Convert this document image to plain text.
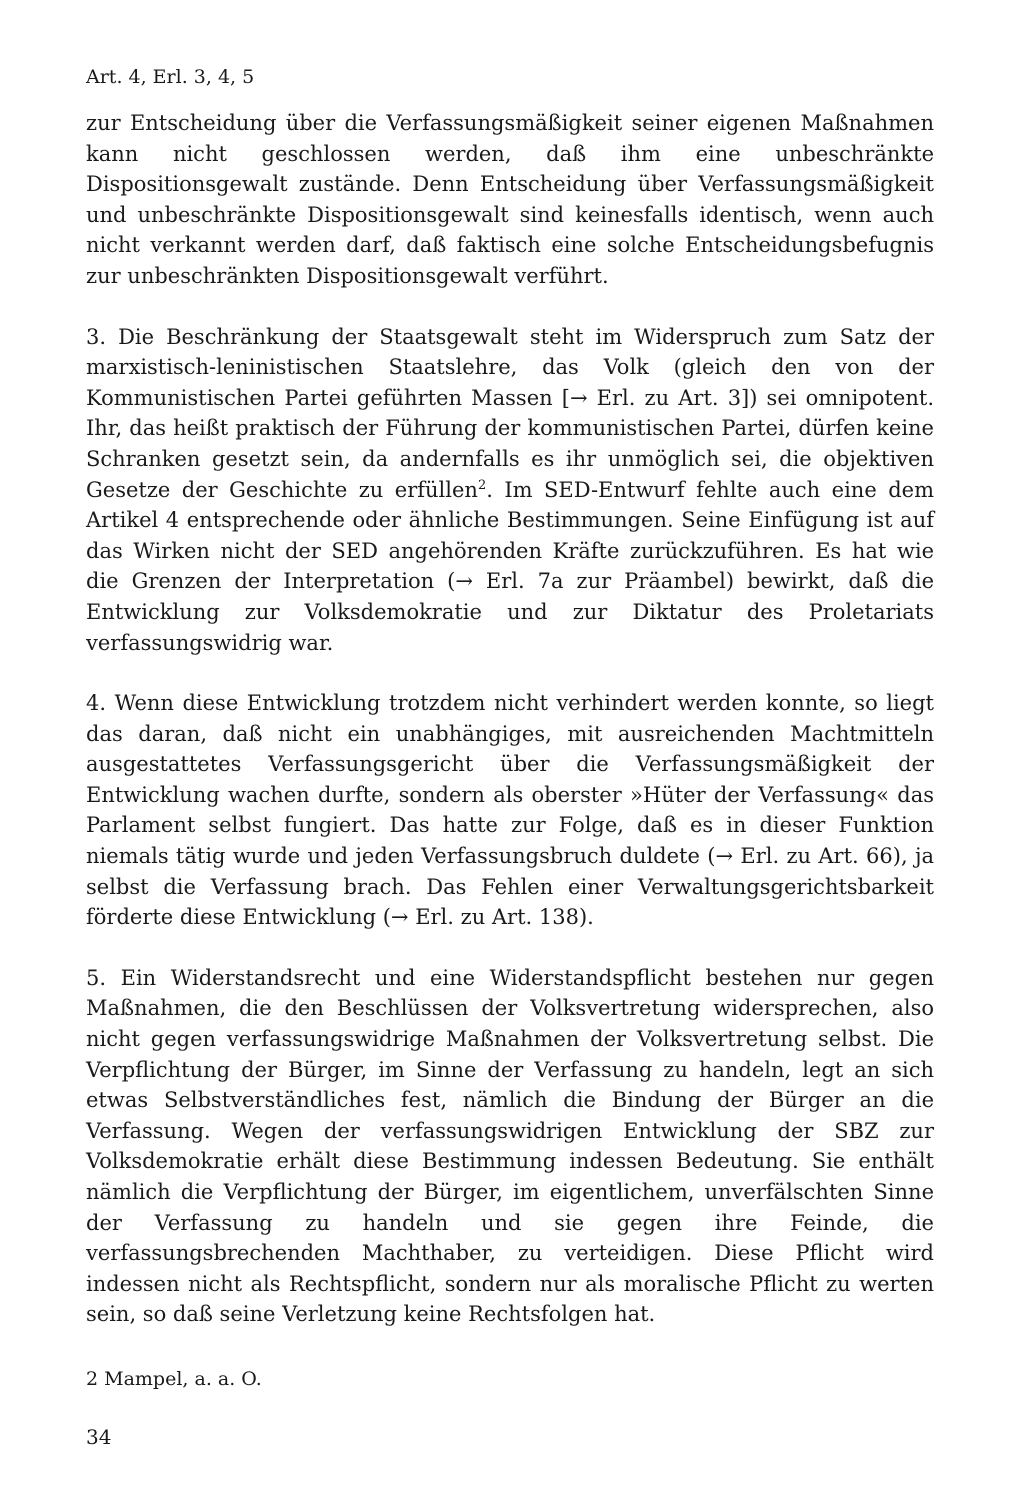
Art. 4, Erl. 3, 4, 5

zur Entscheidung über die Verfassungsmäßigkeit seiner eigenen Maßnahmen kann nicht geschlossen werden, daß ihm eine unbeschränkte Dispositionsgewalt zustände. Denn Entscheidung über Verfassungsmäßigkeit und unbeschränkte Dispositionsgewalt sind keinesfalls identisch, wenn auch nicht verkannt werden darf, daß faktisch eine solche Entscheidungsbefugnis zur unbeschränkten Dispositionsgewalt verführt.

3. Die Beschränkung der Staatsgewalt steht im Widerspruch zum Satz der marxistisch-leninistischen Staatslehre, das Volk (gleich den von der Kommunistischen Partei geführten Massen [→ Erl. zu Art. 3]) sei omnipotent. Ihr, das heißt praktisch der Führung der kommunistischen Partei, dürfen keine Schranken gesetzt sein, da andernfalls es ihr unmöglich sei, die objektiven Gesetze der Geschichte zu erfüllen$^2$. Im SED-Entwurf fehlte auch eine dem Artikel 4 entsprechende oder ähnliche Bestimmungen. Seine Einfügung ist auf das Wirken nicht der SED angehörenden Kräfte zurückzuführen. Es hat wie die Grenzen der Interpretation (→ Erl. 7a zur Präambel) bewirkt, daß die Entwicklung zur Volksdemokratie und zur Diktatur des Proletariats verfassungswidrig war.

4. Wenn diese Entwicklung trotzdem nicht verhindert werden konnte, so liegt das daran, daß nicht ein unabhängiges, mit ausreichenden Machtmitteln ausgestattetes Verfassungsgericht über die Verfassungsmäßigkeit der Entwicklung wachen durfte, sondern als oberster »Hüter der Verfassung« das Parlament selbst fungiert. Das hatte zur Folge, daß es in dieser Funktion niemals tätig wurde und jeden Verfassungsbruch duldete (→ Erl. zu Art. 66), ja selbst die Verfassung brach. Das Fehlen einer Verwaltungsgerichtsbarkeit förderte diese Entwicklung (→ Erl. zu Art. 138).

5. Ein Widerstandsrecht und eine Widerstandspflicht bestehen nur gegen Maßnahmen, die den Beschlüssen der Volksvertretung widersprechen, also nicht gegen verfassungswidrige Maßnahmen der Volksvertretung selbst. Die Verpflichtung der Bürger, im Sinne der Verfassung zu handeln, legt an sich etwas Selbstverständliches fest, nämlich die Bindung der Bürger an die Verfassung. Wegen der verfassungswidrigen Entwicklung der SBZ zur Volksdemokratie erhält diese Bestimmung indessen Bedeutung. Sie enthält nämlich die Verpflichtung der Bürger, im eigentlichem, unverfälschten Sinne der Verfassung zu handeln und sie gegen ihre Feinde, die verfassungsbrechenden Machthaber, zu verteidigen. Diese Pflicht wird indessen nicht als Rechtspflicht, sondern nur als moralische Pflicht zu werten sein, so daß seine Verletzung keine Rechtsfolgen hat.

2 Mampel, a. a. O.
34
